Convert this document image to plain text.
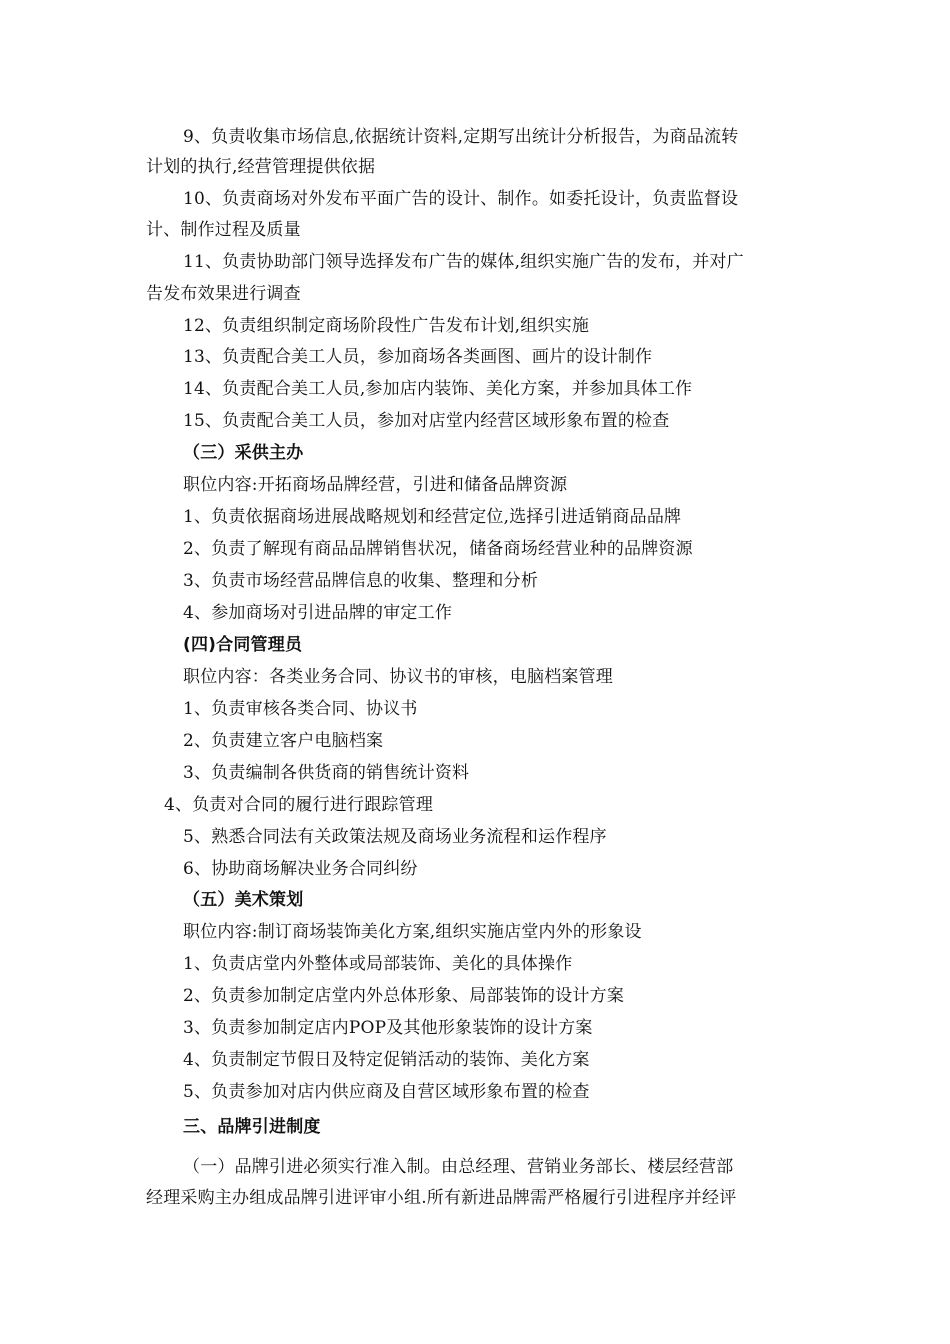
9、负责收集市场信息,依据统计资料,定期写出统计分析报告，为商品流转
计划的执行,经营管理提供依据
10、负责商场对外发布平面广告的设计、制作。如委托设计，负责监督设
计、制作过程及质量
11、负责协助部门领导选择发布广告的媒体,组织实施广告的发布，并对广
告发布效果进行调查
12、负责组织制定商场阶段性广告发布计划,组织实施
13、负责配合美工人员，参加商场各类画图、画片的设计制作
14、负责配合美工人员,参加店内装饰、美化方案，并参加具体工作
15、负责配合美工人员，参加对店堂内经营区域形象布置的检查
（三）采供主办
职位内容:开拓商场品牌经营，引进和储备品牌资源
1、负责依据商场进展战略规划和经营定位,选择引进适销商品品牌
2、负责了解现有商品品牌销售状况，储备商场经营业种的品牌资源
3、负责市场经营品牌信息的收集、整理和分析
4、参加商场对引进品牌的审定工作
(四)合同管理员
职位内容：各类业务合同、协议书的审核，电脑档案管理
1、负责审核各类合同、协议书
2、负责建立客户电脑档案
3、负责编制各供货商的销售统计资料
4、负责对合同的履行进行跟踪管理
5、熟悉合同法有关政策法规及商场业务流程和运作程序
6、协助商场解决业务合同纠纷
（五）美术策划
职位内容:制订商场装饰美化方案,组织实施店堂内外的形象设
1、负责店堂内外整体或局部装饰、美化的具体操作
2、负责参加制定店堂内外总体形象、局部装饰的设计方案
3、负责参加制定店内POP及其他形象装饰的设计方案
4、负责制定节假日及特定促销活动的装饰、美化方案
5、负责参加对店内供应商及自营区域形象布置的检查
三、品牌引进制度
（一）品牌引进必须实行准入制。由总经理、营销业务部长、楼层经营部
经理采购主办组成品牌引进评审小组.所有新进品牌需严格履行引进程序并经评
